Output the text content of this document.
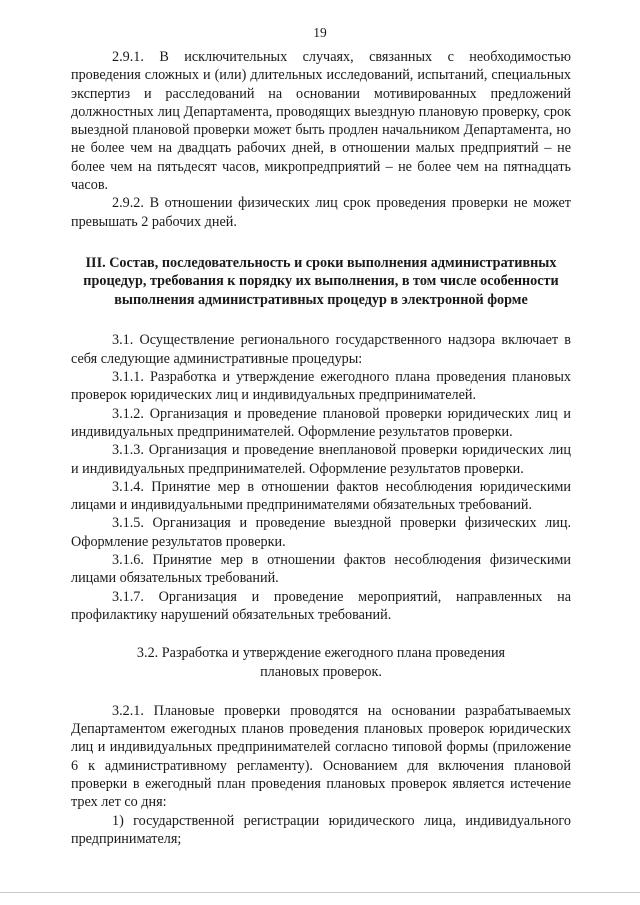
19

2.9.1. В исключительных случаях, связанных с необходимостью проведения сложных и (или) длительных исследований, испытаний, специальных экспертиз и расследований на основании мотивированных предложений должностных лиц Департамента, проводящих выездную плановую проверку, срок выездной плановой проверки может быть продлен начальником Департамента, но не более чем на двадцать рабочих дней, в отношении малых предприятий – не более чем на пятьдесят часов, микропредприятий – не более чем на пятнадцать часов.

2.9.2. В отношении физических лиц срок проведения проверки не может превышать 2 рабочих дней.

III. Состав, последовательность и сроки выполнения административных процедур, требования к порядку их выполнения, в том числе особенности выполнения административных процедур в электронной форме

3.1. Осуществление регионального государственного надзора включает в себя следующие административные процедуры:

3.1.1. Разработка и утверждение ежегодного плана проведения плановых проверок юридических лиц и индивидуальных предпринимателей.

3.1.2. Организация и проведение плановой проверки юридических лиц и индивидуальных предпринимателей. Оформление результатов проверки.

3.1.3. Организация и проведение внеплановой проверки юридических лиц и индивидуальных предпринимателей. Оформление результатов проверки.

3.1.4. Принятие мер в отношении фактов несоблюдения юридическими лицами и индивидуальными предпринимателями обязательных требований.

3.1.5. Организация и проведение выездной проверки физических лиц. Оформление результатов проверки.

3.1.6. Принятие мер в отношении фактов несоблюдения физическими лицами обязательных требований.

3.1.7. Организация и проведение мероприятий, направленных на профилактику нарушений обязательных требований.

3.2. Разработка и утверждение ежегодного плана проведения плановых проверок.

3.2.1. Плановые проверки проводятся на основании разрабатываемых Департаментом ежегодных планов проведения плановых проверок юридических лиц и индивидуальных предпринимателей согласно типовой формы (приложение 6 к административному регламенту). Основанием для включения плановой проверки в ежегодный план проведения плановых проверок является истечение трех лет со дня:

1) государственной регистрации юридического лица, индивидуального предпринимателя;
